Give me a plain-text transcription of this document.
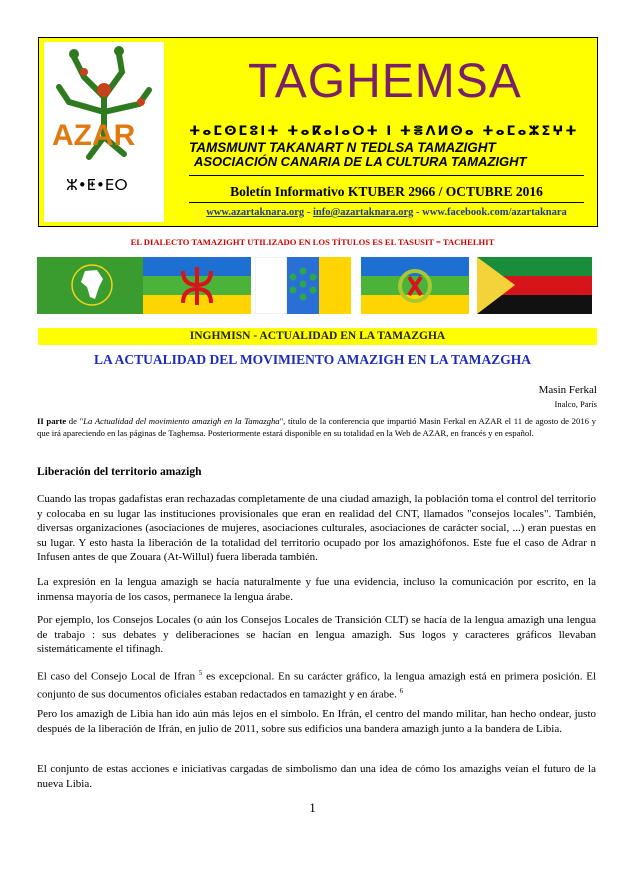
AZAR
ⵣ•ⵟ•ⴹⵔ
TAGHEMSA
ⵜⴰⵎⵙⵎⵓⵏⵜ ⵜⴰⴽⴰⵏⴰⵔⵜ ⵏ ⵜⴻⴷⵍⵙⴰ ⵜⴰⵎⴰⵣⵉⵖⵜ
TAMSMUNT TAKANART N TEDLSA TAMAZIGHT
ASOCIACIÓN CANARIA DE LA CULTURA TAMAZIGHT
Boletín Informativo KTUBER 2966 / OCTUBRE 2016
www.azartaknara.org - info@azartaknara.org - www.facebook.com/azartaknara
EL DIALECTO TAMAZIGHT UTILIZADO EN LOS TÍTULOS ES EL TASUSIT = TACHELHIT
INGHMISN - ACTUALIDAD EN LA TAMAZGHA
LA ACTUALIDAD DEL MOVIMIENTO AMAZIGH EN LA TAMAZGHA
Masin Ferkal
Inalco, París
II parte de "La Actualidad del movimiento amazigh en la Tamazgha", título de la conferencia que impartió Masin Ferkal en AZAR el 11 de agosto de 2016 y que irá apareciendo en las páginas de Taghemsa. Posteriormente estará disponible en su totalidad en la Web de AZAR, en francés y en español.
Liberación del territorio amazigh
Cuando las tropas gadafistas eran rechazadas completamente de una ciudad amazigh, la población toma el control del territorio y colocaba en su lugar las instituciones provisionales que eran en realidad del CNT, llamados "consejos locales". También, diversas organizaciones (asociaciones de mujeres, asociaciones culturales, asociaciones de carácter social, ...) eran puestas en su lugar. Y esto hasta la liberación de la totalidad del territorio ocupado por los amazighófonos. Este fue el caso de Adrar n Infusen antes de que Zouara (At-Willul) fuera liberada también.
La expresión en la lengua amazigh se hacía naturalmente y fue una evidencia, incluso la comunicación por escrito, en la inmensa mayoría de los casos, permanece la lengua árabe.
Por ejemplo, los Consejos Locales (o aún los Consejos Locales de Transición CLT) se hacía de la lengua amazigh una lengua de trabajo : sus debates y deliberaciones se hacían en lengua amazigh. Sus logos y caracteres gráficos llevaban sistemáticamente el tifinagh.
El caso del Consejo Local de Ifran $^5$ es excepcional. En su carácter gráfico, la lengua amazigh está en primera posición. El conjunto de sus documentos oficiales estaban redactados en tamazight y en árabe. $^6$
Pero los amazigh de Libia han ido aún más lejos en el símbolo. En Ifrán, el centro del mando militar, han hecho ondear, justo después de la liberación de Ifrán, en julio de 2011, sobre sus edificios una bandera amazigh junto a la bandera de Libia.
El conjunto de estas acciones e iniciativas cargadas de simbolismo dan una idea de cómo los amazighs veían el futuro de la nueva Libia.
1
